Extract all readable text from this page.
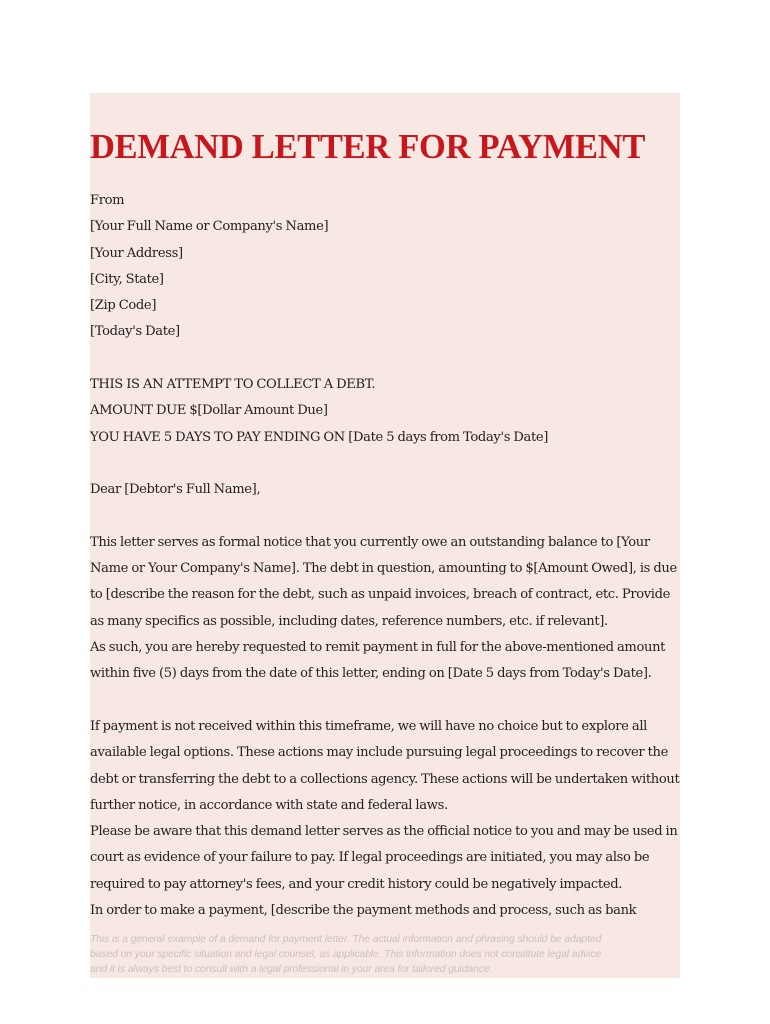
DEMAND LETTER FOR PAYMENT
From
[Your Full Name or Company's Name]
[Your Address]
[City, State]
[Zip Code]
[Today's Date]
THIS IS AN ATTEMPT TO COLLECT A DEBT.
AMOUNT DUE $[Dollar Amount Due]
YOU HAVE 5 DAYS TO PAY ENDING ON [Date 5 days from Today's Date]
Dear [Debtor's Full Name],
This letter serves as formal notice that you currently owe an outstanding balance to [Your
Name or Your Company's Name]. The debt in question, amounting to $[Amount Owed], is due
to [describe the reason for the debt, such as unpaid invoices, breach of contract, etc. Provide
as many specifics as possible, including dates, reference numbers, etc. if relevant].
As such, you are hereby requested to remit payment in full for the above-mentioned amount
within five (5) days from the date of this letter, ending on [Date 5 days from Today's Date].
If payment is not received within this timeframe, we will have no choice but to explore all
available legal options. These actions may include pursuing legal proceedings to recover the
debt or transferring the debt to a collections agency. These actions will be undertaken without
further notice, in accordance with state and federal laws.
Please be aware that this demand letter serves as the official notice to you and may be used in
court as evidence of your failure to pay. If legal proceedings are initiated, you may also be
required to pay attorney's fees, and your credit history could be negatively impacted.
In order to make a payment, [describe the payment methods and process, such as bank
This is a general example of a demand for payment letter. The actual information and phrasing should be adapted
based on your specific situation and legal counsel, as applicable. This information does not constitute legal advice
and it is always best to consult with a legal professional in your area for tailored guidance.
